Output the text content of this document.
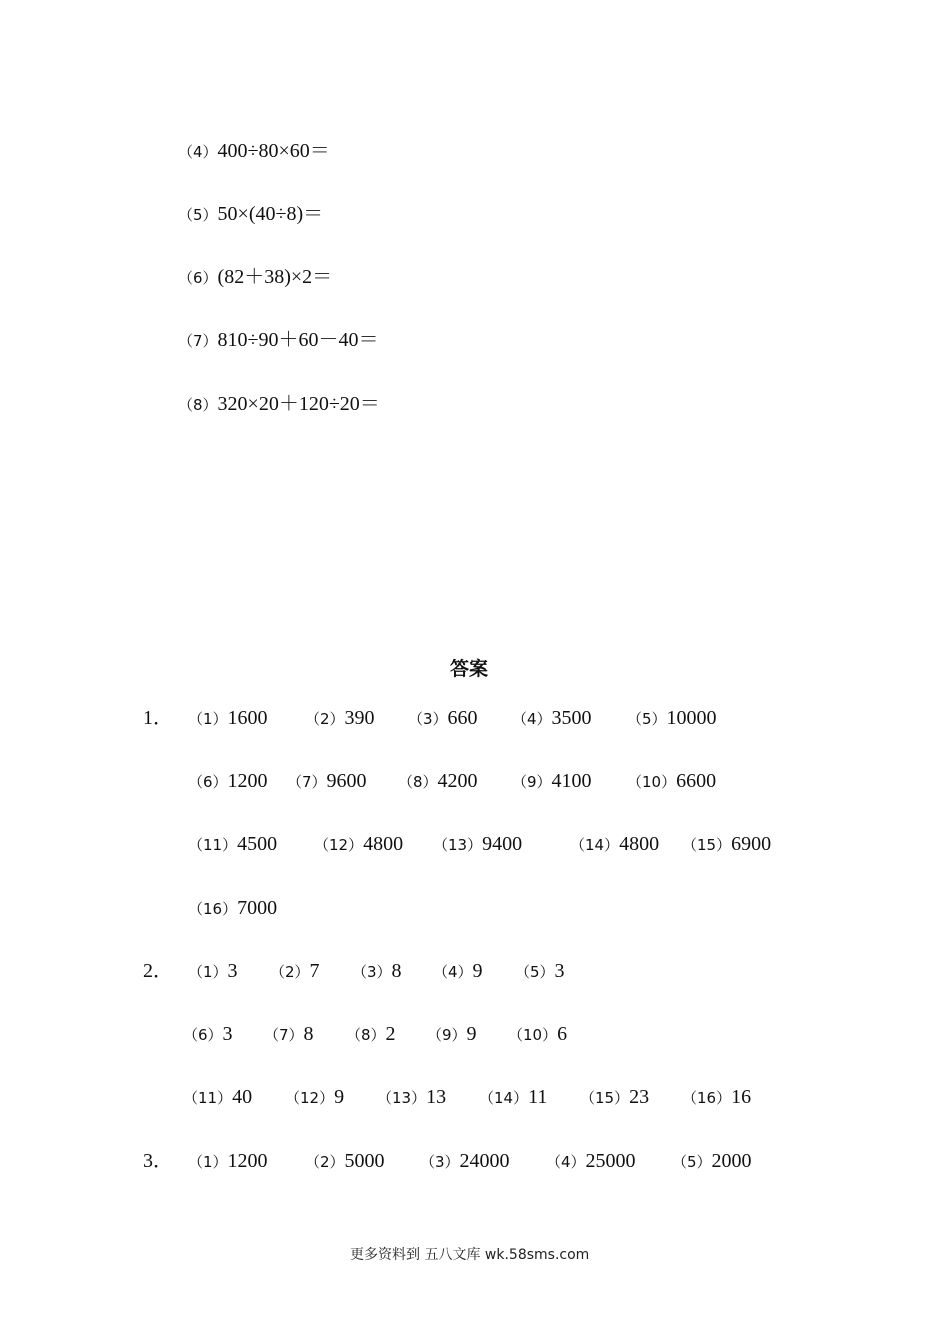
（4）400÷80×60＝
（5）50×(40÷8)＝
（6）(82＋38)×2＝
（7）810÷90＋60－40＝
（8）320×20＋120÷20＝
答案
1． （1）1600 （2）390 （3）660 （4）3500 （5）10000
（6）1200 （7）9600 （8）4200 （9）4100 （10）6600
（11）4500 （12）4800 （13）9400	（14）4800 （15）6900
（16）7000
2． （1）3 （2）7 （3）8 （4）9 （5）3
（6）3 （7）8 （8）2 （9）9 （10）6
（11）40 （12）9 （13）13 （14）11 （15）23 （16）16
3． （1）1200 （2）5000 （3）24000 （4）25000 （5）2000
更多资料到 五八文库 wk.58sms.com
